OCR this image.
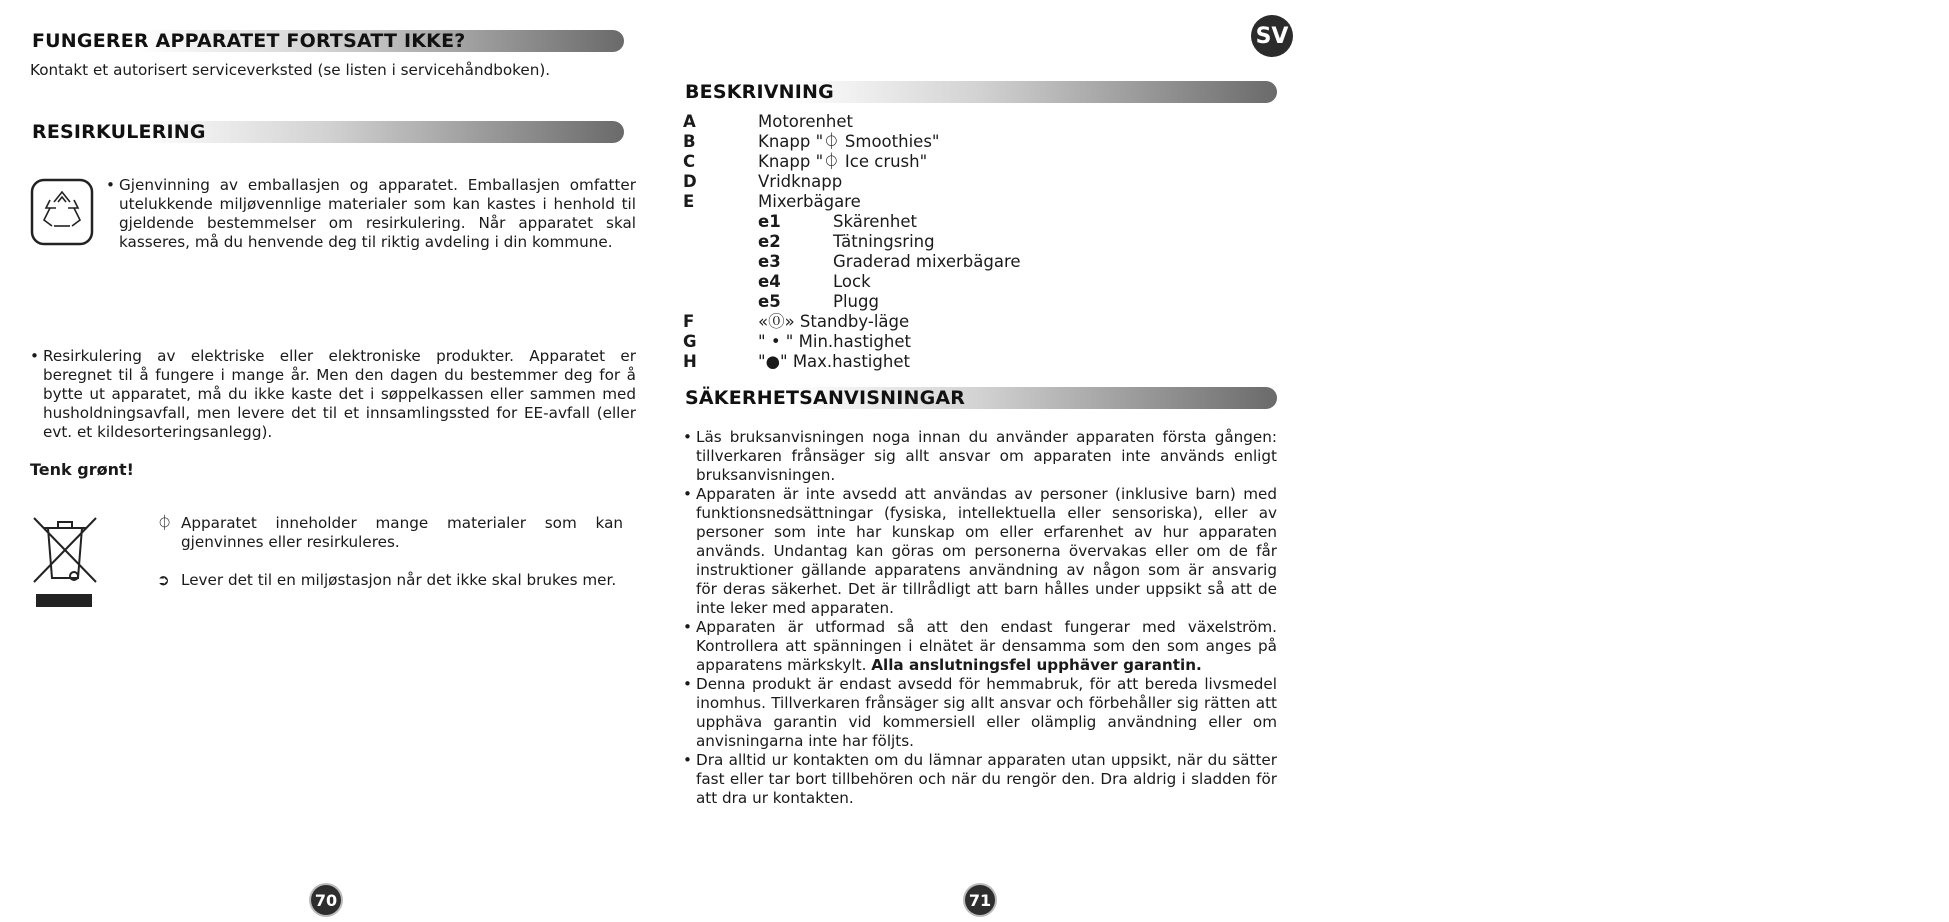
FUNGERER APPARATET FORTSATT IKKE?
Kontakt et autorisert serviceverksted (se listen i servicehåndboken).
RESIRKULERING
• Gjenvinning av emballasjen og apparatet. Emballasjen omfatter utelukkende miljøvennlige materialer som kan kastes i henhold til gjeldende bestemmelser om resirkulering. Når apparatet skal kasseres, må du henvende deg til riktig avdeling i din kommune.
• Resirkulering av elektriske eller elektroniske produkter. Apparatet er beregnet til å fungere i mange år. Men den dagen du bestemmer deg for å bytte ut apparatet, må du ikke kaste det i søppelkassen eller sammen med husholdningsavfall, men levere det til et innsamlingssted for EE-avfall (eller evt. et kildesorteringsanlegg).
Tenk grønt!
⏀ Apparatet inneholder mange materialer som kan gjenvinnes eller resirkuleres.
➲ Lever det til en miljøstasjon når det ikke skal brukes mer.
70
SV
BESKRIVNING
A	Motorenhet
B	Knapp "⏀ Smoothies"
C	Knapp "⏀ Ice crush"
D	Vridknapp
E	Mixerbägare
e1	Skärenhet
e2	Tätningsring
e3	Graderad mixerbägare
e4	Lock
e5	Plugg
F	«⓪» Standby-läge
G	" • " Min.hastighet
H	"●" Max.hastighet
SÄKERHETSANVISNINGAR
• Läs bruksanvisningen noga innan du använder apparaten första gången: tillverkaren frånsäger sig allt ansvar om apparaten inte används enligt bruksanvisningen.
• Apparaten är inte avsedd att användas av personer (inklusive barn) med funktionsnedsättningar (fysiska, intellektuella eller sensoriska), eller av personer som inte har kunskap om eller erfarenhet av hur apparaten används. Undantag kan göras om personerna övervakas eller om de får instruktioner gällande apparatens användning av någon som är ansvarig för deras säkerhet. Det är tillrådligt att barn hålles under uppsikt så att de inte leker med apparaten.
• Apparaten är utformad så att den endast fungerar med växelström. Kontrollera att spänningen i elnätet är densamma som den som anges på apparatens märkskylt. Alla anslutningsfel upphäver garantin.
• Denna produkt är endast avsedd för hemmabruk, för att bereda livsmedel inomhus. Tillverkaren frånsäger sig allt ansvar och förbehåller sig rätten att upphäva garantin vid kommersiell eller olämplig användning eller om anvisningarna inte har följts.
• Dra alltid ur kontakten om du lämnar apparaten utan uppsikt, när du sätter fast eller tar bort tillbehören och när du rengör den. Dra aldrig i sladden för att dra ur kontakten.
71
